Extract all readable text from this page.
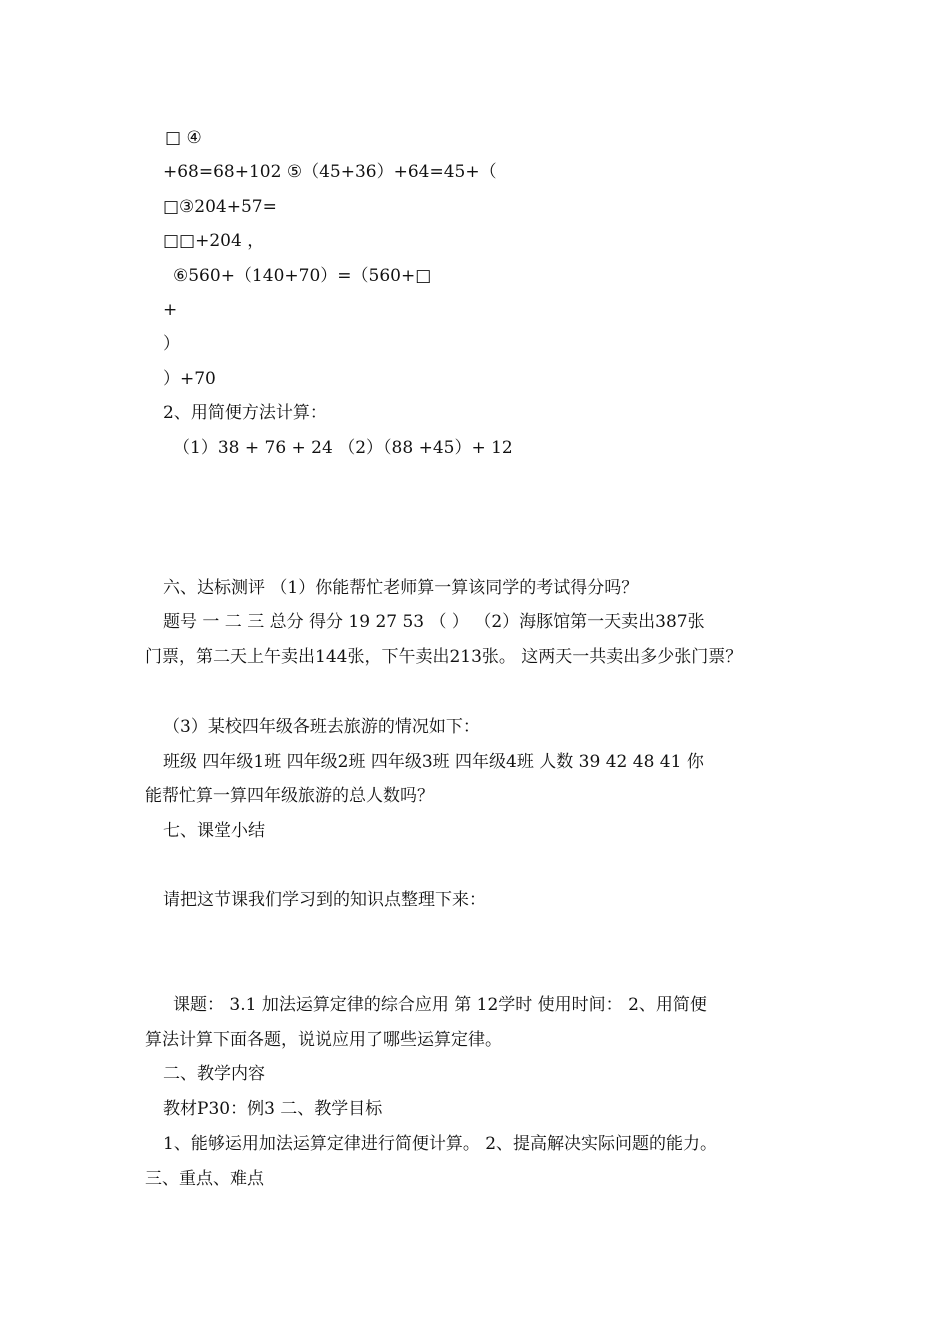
□ ④
+68=68+102 ⑤（45+36）+64=45+（
□③204+57=
□□+204 ，
⑥560+（140+70）=（560+□
+
）
）+70
2、用简便方法计算：
（1）38 + 76 + 24 （2）（88 +45）+ 12
六、达标测评 （1）你能帮忙老师算一算该同学的考试得分吗？
题号 一 二 三 总分 得分 19 27 53 （ ） （2）海豚馆第一天卖出387张
门票，第二天上午卖出144张，下午卖出213张。 这两天一共卖出多少张门票？
（3）某校四年级各班去旅游的情况如下：
班级 四年级1班 四年级2班 四年级3班 四年级4班 人数 39 42 48 41 你
能帮忙算一算四年级旅游的总人数吗？
七、课堂小结
请把这节课我们学习到的知识点整理下来：
课题： 3.1 加法运算定律的综合应用 第 12学时 使用时间： 2、用简便
算法计算下面各题，说说应用了哪些运算定律。
二、教学内容
教材P30：例3 二、教学目标
1、能够运用加法运算定律进行简便计算。 2、提高解决实际问题的能力。
三、重点、难点
